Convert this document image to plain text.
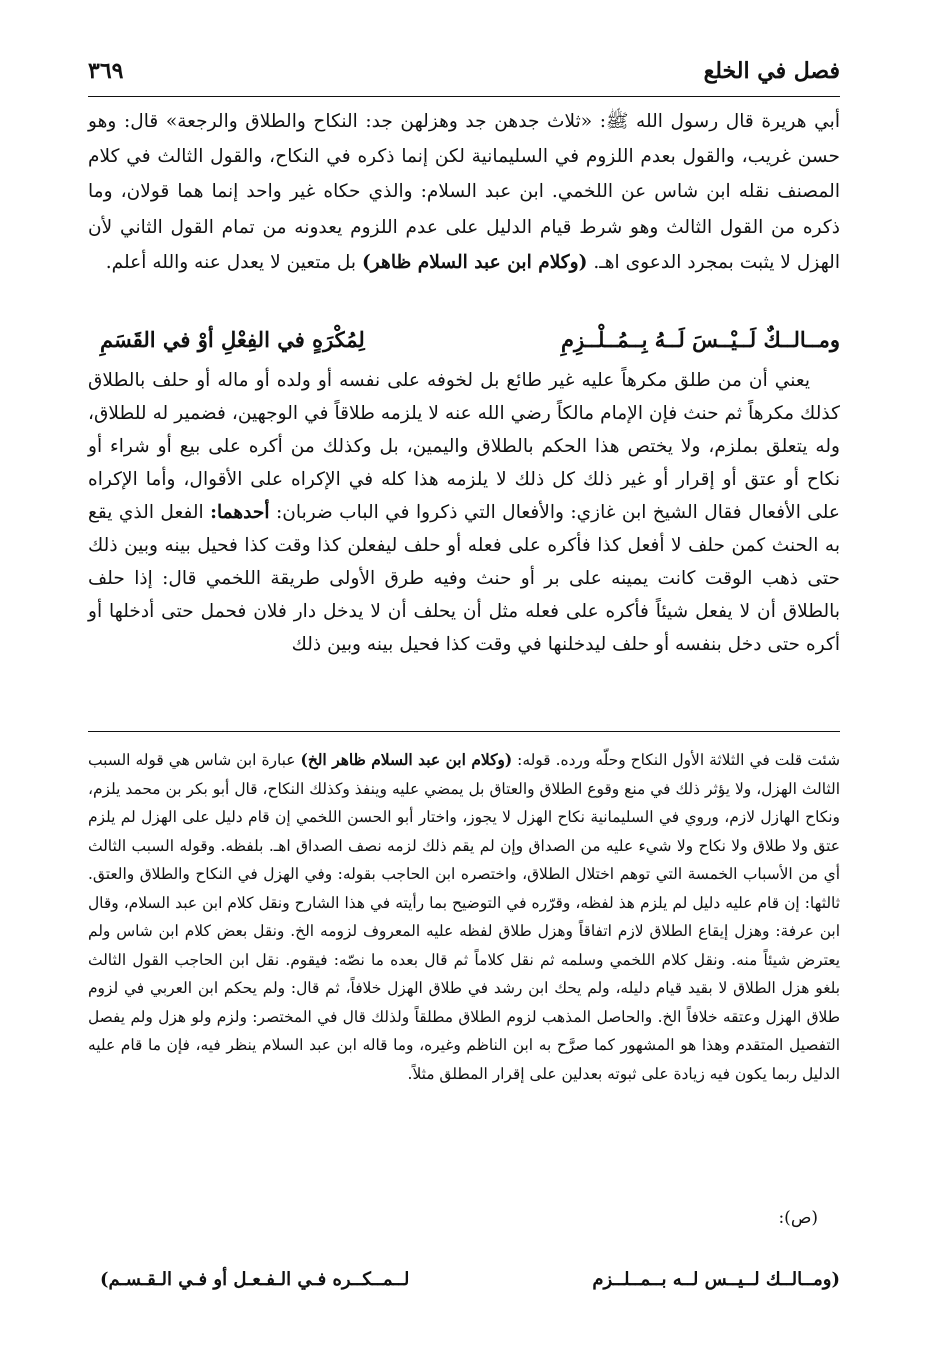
فصل في الخلع
٣٦٩

أبي هريرة قال رسول الله ﷺ: «ثلاث جدهن جد وهزلهن جد: النكاح والطلاق والرجعة» قال: وهو حسن غريب، والقول بعدم اللزوم في السليمانية لكن إنما ذكره في النكاح، والقول الثالث في كلام المصنف نقله ابن شاس عن اللخمي. ابن عبد السلام: والذي حكاه غير واحد إنما هما قولان، وما ذكره من القول الثالث وهو شرط قيام الدليل على عدم اللزوم يعدونه من تمام القول الثاني لأن الهزل لا يثبت بمجرد الدعوى اهـ. (وكلام ابن عبد السلام ظاهر) بل متعين لا يعدل عنه والله أعلم.

ومــالــكٌ لَــيْــسَ لَــهُ بِــمُــلْــزِمِ
لِمُكْرَهٍ في الفِعْلِ أوْ في القَسَمِ

يعني أن من طلق مكرهاً عليه غير طائع بل لخوفه على نفسه أو ولده أو ماله أو حلف بالطلاق كذلك مكرهاً ثم حنث فإن الإمام مالكاً رضي الله عنه لا يلزمه طلاقاً في الوجهين، فضمير له للطلاق، وله يتعلق بملزم، ولا يختص هذا الحكم بالطلاق واليمين، بل وكذلك من أكره على بيع أو شراء أو نكاح أو عتق أو إقرار أو غير ذلك كل ذلك لا يلزمه هذا كله في الإكراه على الأقوال، وأما الإكراه على الأفعال فقال الشيخ ابن غازي: والأفعال التي ذكروا في الباب ضربان: أحدهما: الفعل الذي يقع به الحنث كمن حلف لا أفعل كذا فأكره على فعله أو حلف ليفعلن كذا وقت كذا فحيل بينه وبين ذلك حتى ذهب الوقت كانت يمينه على بر أو حنث وفيه طرق الأولى طريقة اللخمي قال: إذا حلف بالطلاق أن لا يفعل شيئاً فأكره على فعله مثل أن يحلف أن لا يدخل دار فلان فحمل حتى أدخلها أو أكره حتى دخل بنفسه أو حلف ليدخلنها في وقت كذا فحيل بينه وبين ذلك

شئت قلت في الثلاثة الأول النكاح وحلّه ورده. قوله: (وكلام ابن عبد السلام ظاهر الخ) عبارة ابن شاس هي قوله السبب الثالث الهزل، ولا يؤثر ذلك في منع وقوع الطلاق والعتاق بل يمضي عليه وينفذ وكذلك النكاح، قال أبو بكر بن محمد يلزم، ونكاح الهازل لازم، وروي في السليمانية نكاح الهزل لا يجوز، واختار أبو الحسن اللخمي إن قام دليل على الهزل لم يلزم عتق ولا طلاق ولا نكاح ولا شيء عليه من الصداق وإن لم يقم ذلك لزمه نصف الصداق اهـ. بلفظه. وقوله السبب الثالث أي من الأسباب الخمسة التي توهم اختلال الطلاق، واختصره ابن الحاجب بقوله: وفي الهزل في النكاح والطلاق والعتق. ثالثها: إن قام عليه دليل لم يلزم هذ لفظه، وقرّره في التوضيح بما رأيته في هذا الشارح ونقل كلام ابن عبد السلام، وقال ابن عرفة: وهزل إيقاع الطلاق لازم اتفاقاً وهزل طلاق لفظه عليه المعروف لزومه الخ. ونقل بعض كلام ابن شاس ولم يعترض شيئاً منه. ونقل كلام اللخمي وسلمه ثم نقل كلاماً ثم قال بعده ما نصّه: فيقوم. نقل ابن الحاجب القول الثالث بلغو هزل الطلاق لا بقيد قيام دليله، ولم يحك ابن رشد في طلاق الهزل خلافاً، ثم قال: ولم يحكم ابن العربي في لزوم طلاق الهزل وعتقه خلافاً الخ. والحاصل المذهب لزوم الطلاق مطلقاً ولذلك قال في المختصر: ولزم ولو هزل ولم يفصل التفصيل المتقدم وهذا هو المشهور كما صرَّح به ابن الناظم وغيره، وما قاله ابن عبد السلام ينظر فيه، فإن ما قام عليه الدليل ربما يكون فيه زيادة على ثبوته بعدلين على إقرار المطلق مثلاً.

(ص):
(ومــالــك لــيــس لــه بــمــلــزم
لــمــكــره فـي الـفـعـل أو فـي الـقـسـم)
